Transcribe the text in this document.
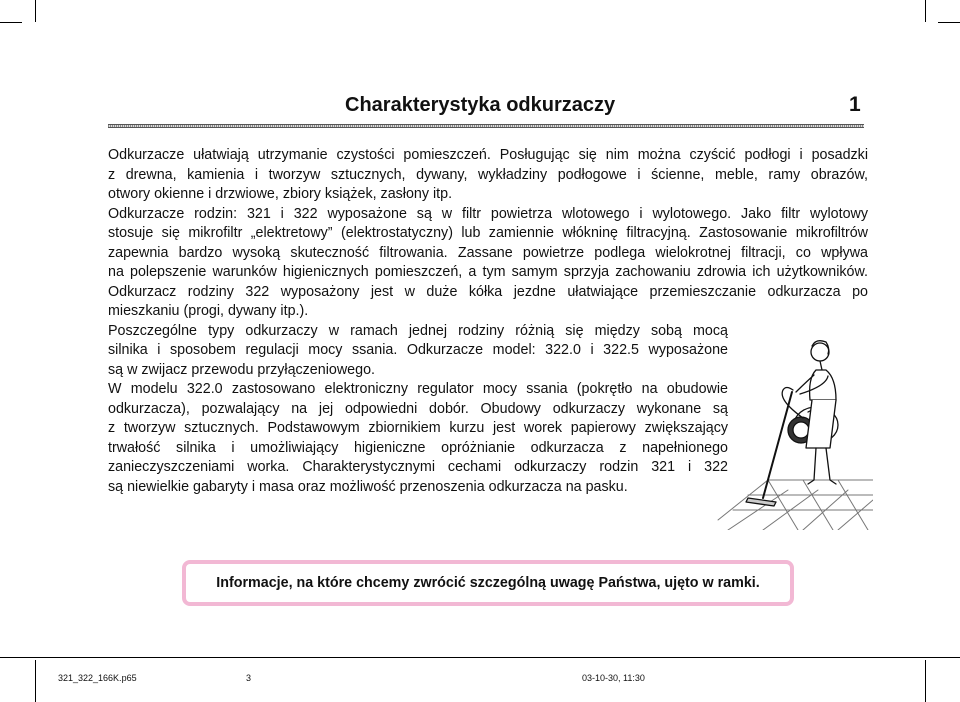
Charakterystyka odkurzaczy	1
Odkurzacze ułatwiają utrzymanie czystości pomieszczeń. Posługując się nim można czyścić podłogi i posadzki
z drewna, kamienia i tworzyw sztucznych, dywany, wykładziny podłogowe i ścienne, meble, ramy obrazów,
otwory okienne i drzwiowe, zbiory książek, zasłony itp.
Odkurzacze rodzin: 321 i 322 wyposażone są w filtr powietrza wlotowego i wylotowego. Jako filtr wylotowy
stosuje się mikrofiltr „elektretowy” (elektrostatyczny) lub zamiennie włókninę filtracyjną. Zastosowanie mikrofiltrów
zapewnia bardzo wysoką skuteczność filtrowania. Zassane powietrze podlega wielokrotnej filtracji, co wpływa
na polepszenie warunków higienicznych pomieszczeń, a tym samym sprzyja zachowaniu zdrowia ich użytkowników.
Odkurzacz rodziny 322 wyposażony jest w duże kółka jezdne ułatwiające przemieszczanie odkurzacza po
mieszkaniu (progi, dywany itp.).
Poszczególne typy odkurzaczy w ramach jednej rodziny różnią się między sobą mocą
silnika i sposobem regulacji mocy ssania. Odkurzacze model: 322.0 i 322.5 wyposażone
są w zwijacz przewodu przyłączeniowego.
W modelu 322.0 zastosowano elektroniczny regulator mocy ssania (pokrętło na obudowie
odkurzacza), pozwalający na jej odpowiedni dobór. Obudowy odkurzaczy wykonane są
z tworzyw sztucznych. Podstawowym zbiornikiem kurzu jest worek papierowy zwiększający
trwałość silnika i umożliwiający higieniczne opróżnianie odkurzacza z napełnionego
zanieczyszczeniami worka. Charakterystycznymi cechami odkurzaczy rodzin 321 i 322
są niewielkie gabaryty i masa oraz możliwość przenoszenia odkurzacza na pasku.
Informacje, na które chcemy zwrócić szczególną uwagę Państwa, ujęto w ramki.
321_322_166K.p65	3	03-10-30, 11:30
